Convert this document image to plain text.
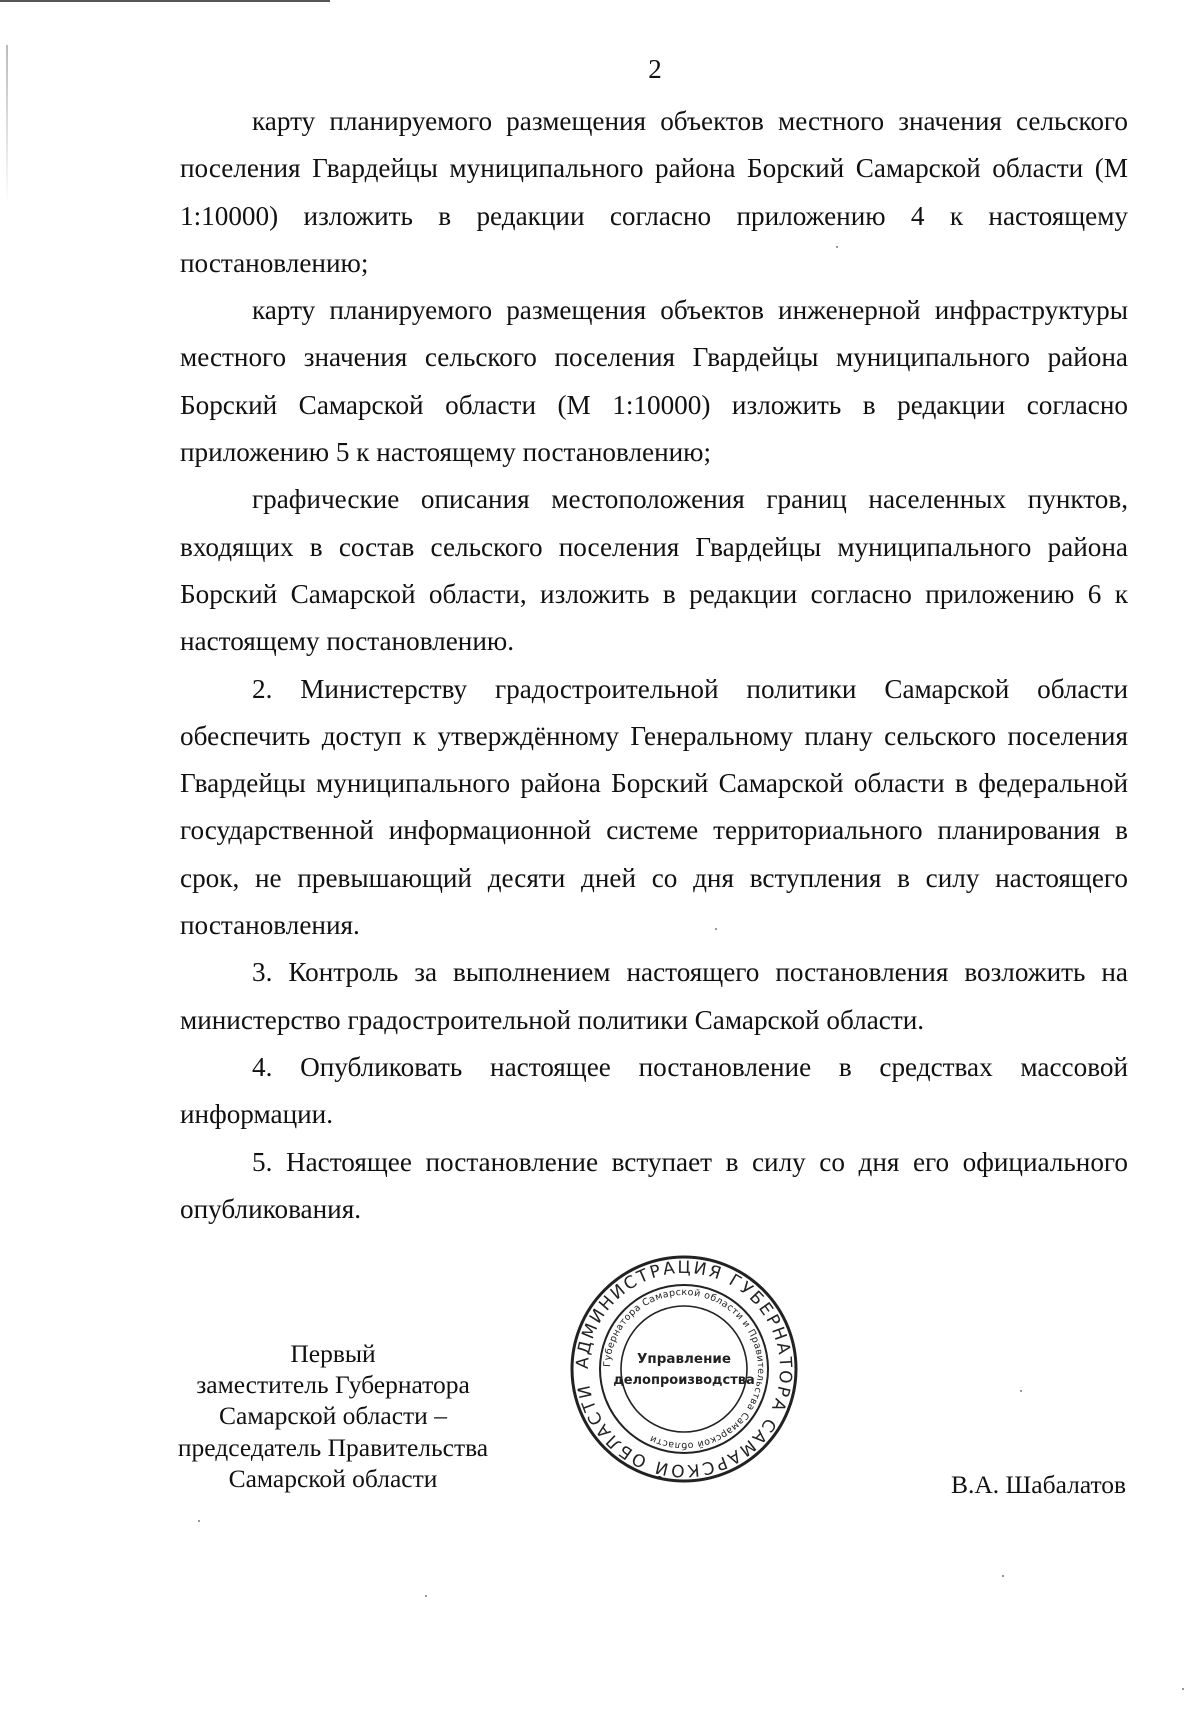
2

карту планируемого размещения объектов местного значения сельского поселения Гвардейцы муниципального района Борский Самарской области (М 1:10000) изложить в редакции согласно приложению 4 к настоящему постановлению;

карту планируемого размещения объектов инженерной инфраструктуры местного значения сельского поселения Гвардейцы муниципального района Борский Самарской области (М 1:10000) изложить в редакции согласно приложению 5 к настоящему постановлению;

графические описания местоположения границ населенных пунктов, входящих в состав сельского поселения Гвардейцы муниципального района Борский Самарской области, изложить в редакции согласно приложению 6 к настоящему постановлению.

2. Министерству градостроительной политики Самарской области обеспечить доступ к утверждённому Генеральному плану сельского поселения Гвардейцы муниципального района Борский Самарской области в федеральной государственной информационной системе территориального планирования в срок, не превышающий десяти дней со дня вступления в силу настоящего постановления.

3. Контроль за выполнением настоящего постановления возложить на министерство градостроительной политики Самарской области.

4. Опубликовать настоящее постановление в средствах массовой информации.

5. Настоящее постановление вступает в силу со дня его официального опубликования.

Первый
заместитель Губернатора
Самарской области –
председатель Правительства
Самарской области	В.А. Шабалатов
АДМИНИСТРАЦИЯ ГУБЕРНАТОРА САМАРСКОЙ ОБЛАСТИ
Губернатора Самарской области и Правительства Самарской области
Управление
делопроизводства
